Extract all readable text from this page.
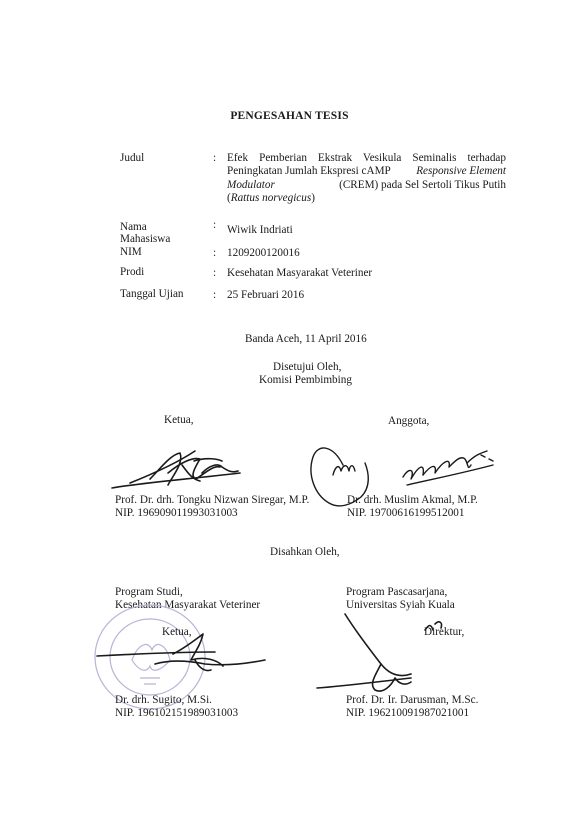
PENGESAHAN TESIS
Judul	: Efek Pemberian Ekstrak Vesikula Seminalis terhadap
Peningkatan Jumlah Ekspresi cAMP Responsive Element
Modulator	(CREM) pada Sel Sertoli Tikus Putih
(Rattus norvegicus)
Nama
Mahasiswa
: Wiwik Indriati
NIM	: 1209200120016
Prodi	: Kesehatan Masyarakat Veteriner
Tanggal Ujian	: 25 Februari 2016
Banda Aceh, 11 April 2016
Disetujui Oleh,
Komisi Pembimbing
Ketua,	Anggota,
Prof. Dr. drh. Tongku Nizwan Siregar, M.P.	Dr. drh. Muslim Akmal, M.P.
NIP. 196909011993031003	NIP. 19700616199512001
Disahkan Oleh,
Program Studi,
Kesehatan Masyarakat Veteriner
Program Pascasarjana,
Universitas Syiah Kuala
Ketua,	Direktur,
Dr. drh. Sugito, M.Si.
NIP. 196102151989031003
Prof. Dr. Ir. Darusman, M.Sc.
NIP. 196210091987021001
